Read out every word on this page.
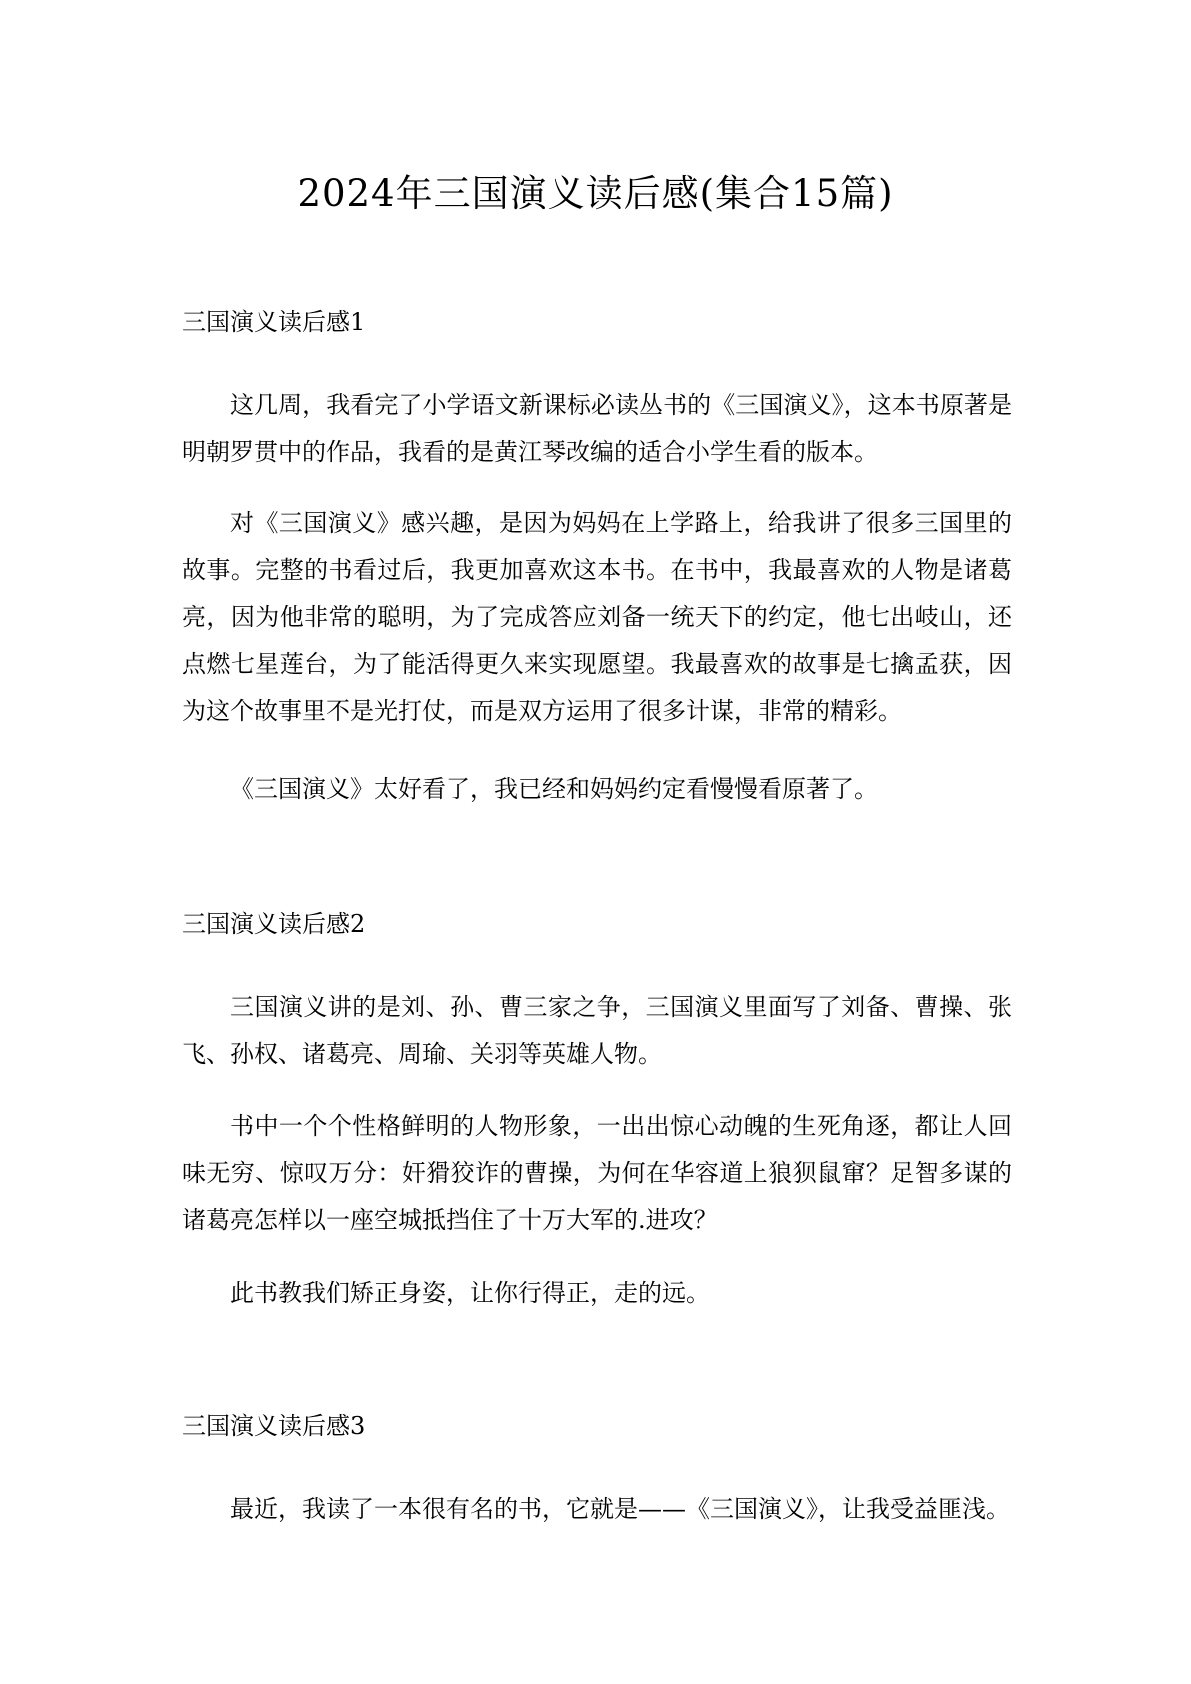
2024年三国演义读后感(集合15篇)
三国演义读后感1

这几周，我看完了小学语文新课标必读丛书的《三国演义》，这本书原著是明朝罗贯中的作品，我看的是黄江琴改编的适合小学生看的版本。

对《三国演义》感兴趣，是因为妈妈在上学路上，给我讲了很多三国里的故事。完整的书看过后，我更加喜欢这本书。在书中，我最喜欢的人物是诸葛亮，因为他非常的聪明，为了完成答应刘备一统天下的约定，他七出岐山，还点燃七星莲台，为了能活得更久来实现愿望。我最喜欢的故事是七擒孟获，因为这个故事里不是光打仗，而是双方运用了很多计谋，非常的精彩。

《三国演义》太好看了，我已经和妈妈约定看慢慢看原著了。

三国演义读后感2

三国演义讲的是刘、孙、曹三家之争，三国演义里面写了刘备、曹操、张飞、孙权、诸葛亮、周瑜、关羽等英雄人物。

书中一个个性格鲜明的人物形象，一出出惊心动魄的生死角逐，都让人回味无穷、惊叹万分：奸猾狡诈的曹操，为何在华容道上狼狈鼠窜？足智多谋的诸葛亮怎样以一座空城抵挡住了十万大军的.进攻？

此书教我们矫正身姿，让你行得正，走的远。

三国演义读后感3

最近，我读了一本很有名的书，它就是——《三国演义》，让我受益匪浅。
